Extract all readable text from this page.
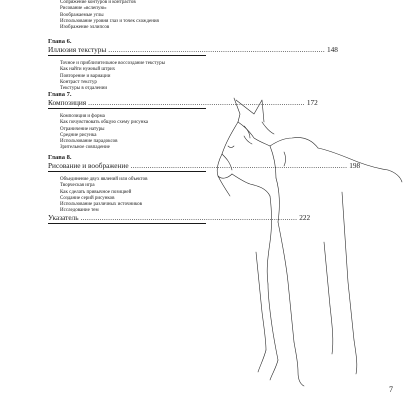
Сопряжение контуров и контрастов
Рисование «вслепую»
Воображаемые углы
Использование уровня глаз и точек схождения
Изображение эллипсов

Глава 6.

Иллюзия текстуры ...................................................................................................... 148
Точное и приблизительное воссоздание текстуры
Как найти нужный штрих
Повторение и вариации
Контраст текстур
Текстуры в отдалении

Глава 7.

Композиция ...................................................................................................... 172
Композиция и форма
Как почувствовать общую схему рисунка
Ограничение натуры
Средние рисунка
Использование парадоксов
Зрительное совпадение

Глава 8.

Рисование и воображение ...................................................................................................... 198
Объединение двух явлений или объектов
Творческая игра
Как сделать привычное позицией
Создание серий рисунков
Использование различных источников
Исследование тем
Указатель ...................................................................................................... 222
7
